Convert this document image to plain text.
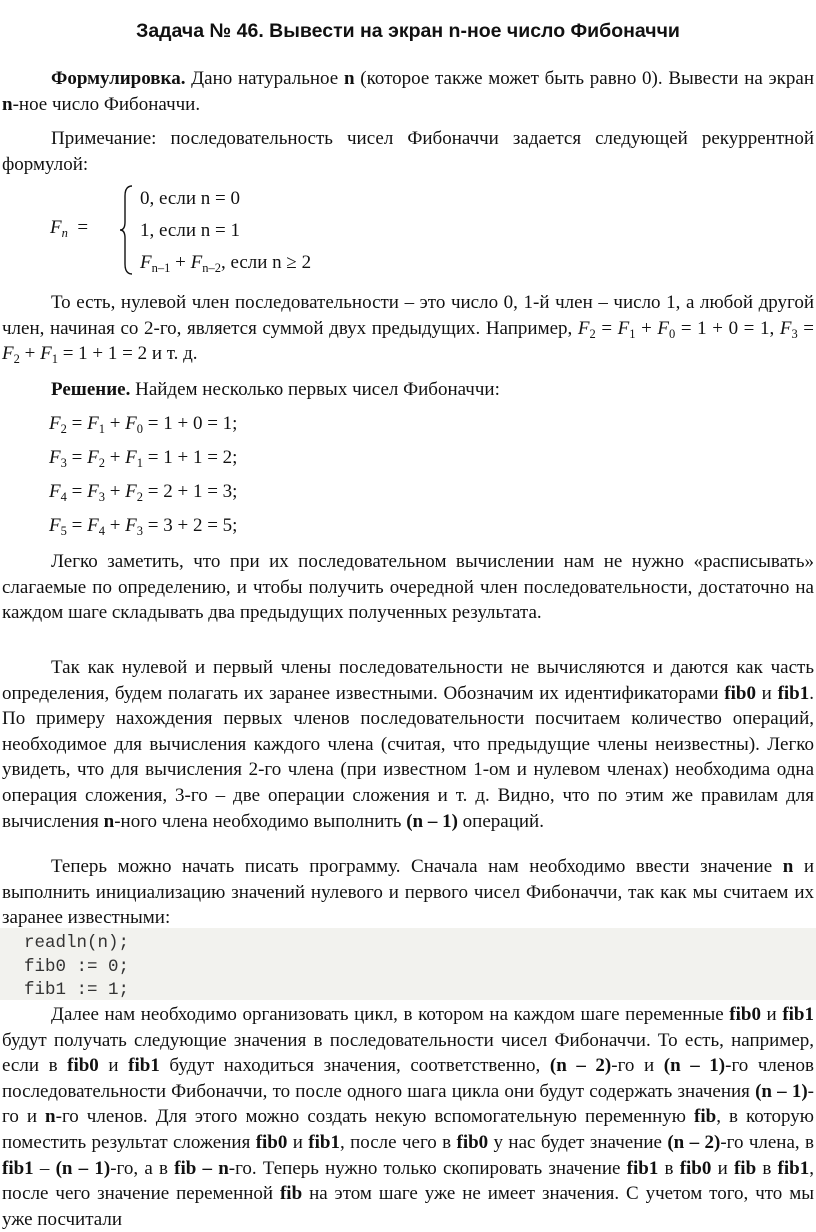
Задача № 46. Вывести на экран n-ное число Фибоначчи

Формулировка. Дано натуральное n (которое также может быть равно 0). Вывести на экран n-ное число Фибоначчи.

Примечание: последовательность чисел Фибоначчи задается следующей рекуррентной формулой:

$F_n$ =
0, если n = 0
1, если n = 1
$F_{n-1} + F_{n-2}$, если n ≥ 2

То есть, нулевой член последовательности – это число 0, 1-й член – число 1, а любой другой член, начиная со 2-го, является суммой двух предыдущих. Например, $F_2 = F_1 + F_0 = 1 + 0 = 1$, $F_3 = F_2 + F_1 = 1 + 1 = 2$ и т. д.

Решение. Найдем несколько первых чисел Фибоначчи:

$F_2 = F_1 + F_0 = 1 + 0 = 1$;

$F_3 = F_2 + F_1 = 1 + 1 = 2$;

$F_4 = F_3 + F_2 = 2 + 1 = 3$;

$F_5 = F_4 + F_3 = 3 + 2 = 5$;

Легко заметить, что при их последовательном вычислении нам не нужно «расписывать» слагаемые по определению, и чтобы получить очередной член последовательности, достаточно на каждом шаге складывать два предыдущих полученных результата.

Так как нулевой и первый члены последовательности не вычисляются и даются как часть определения, будем полагать их заранее известными. Обозначим их идентификаторами fib0 и fib1. По примеру нахождения первых членов последовательности посчитаем количество операций, необходимое для вычисления каждого члена (считая, что предыдущие члены неизвестны). Легко увидеть, что для вычисления 2-го члена (при известном 1-ом и нулевом членах) необходима одна операция сложения, 3-го – две операции сложения и т. д. Видно, что по этим же правилам для вычисления n-ного члена необходимо выполнить (n – 1) операций.

Теперь можно начать писать программу. Сначала нам необходимо ввести значение n и выполнить инициализацию значений нулевого и первого чисел Фибоначчи, так как мы считаем их заранее известными:

readln(n);
fib0 := 0;
fib1 := 1;

Далее нам необходимо организовать цикл, в котором на каждом шаге переменные fib0 и fib1 будут получать следующие значения в последовательности чисел Фибоначчи. То есть, например, если в fib0 и fib1 будут находиться значения, соответственно, (n – 2)-го и (n – 1)-го членов последовательности Фибоначчи, то после одного шага цикла они будут содержать значения (n – 1)-го и n-го членов. Для этого можно создать некую вспомогательную переменную fib, в которую поместить результат сложения fib0 и fib1, после чего в fib0 у нас будет значение (n – 2)-го члена, в fib1 – (n – 1)-го, а в fib – n-го. Теперь нужно только скопировать значение fib1 в fib0 и fib в fib1, после чего значение переменной fib на этом шаге уже не имеет значения. С учетом того, что мы уже посчитали
